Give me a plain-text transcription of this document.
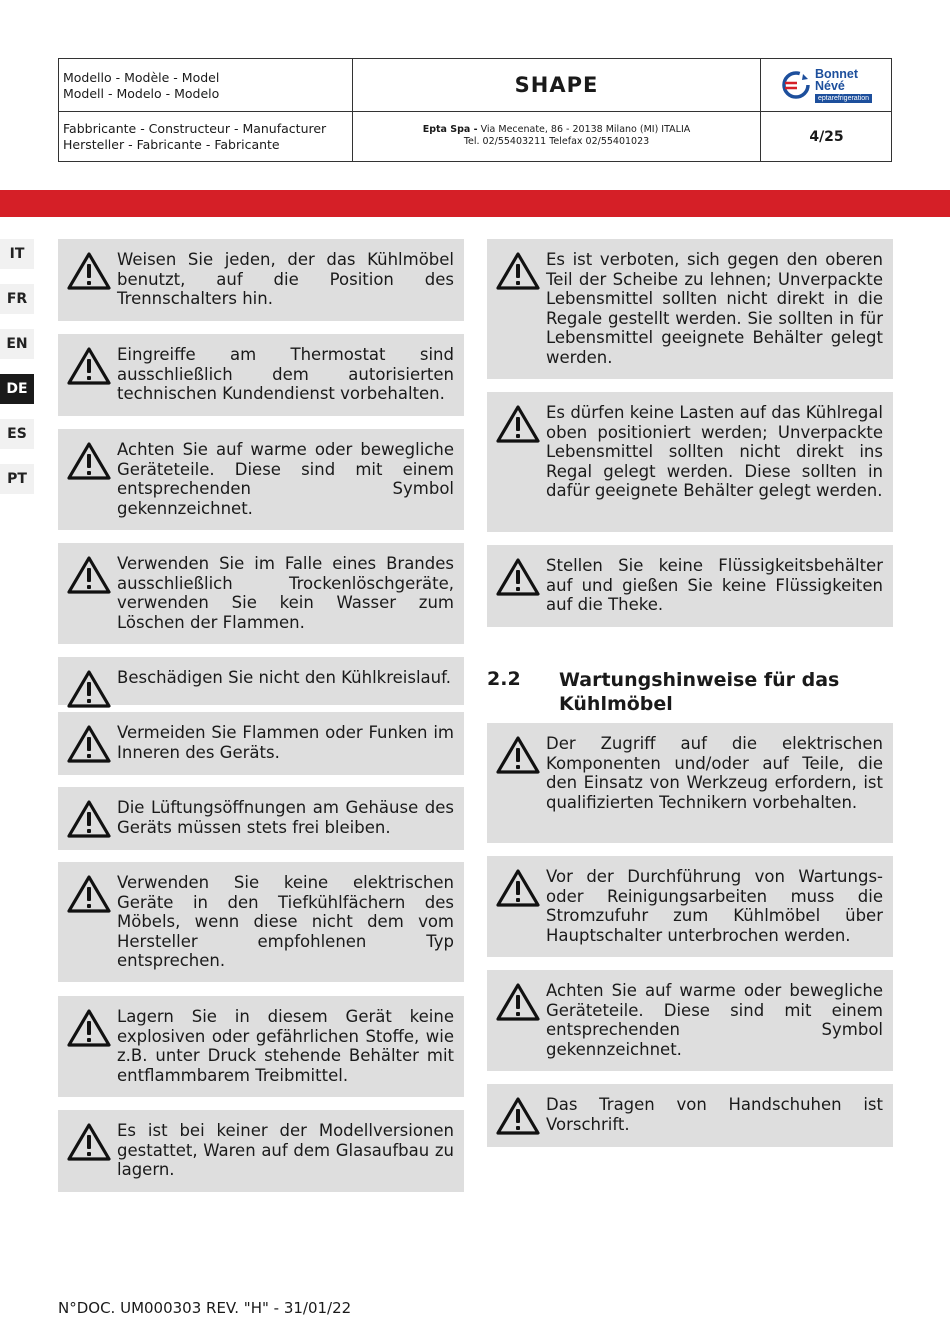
Modello - Modèle - Model
Modell - Modelo - Modelo	SHAPE	Bonnet
Névé
eptarefrigeration
Fabbricante - Constructeur - Manufacturer
Hersteller - Fabricante - Fabricante
Epta Spa - Via Mecenate, 86 - 20138 Milano (MI) ITALIA
Tel. 02/55403211 Telefax 02/55401023	4/25
IT
FR
EN
DE
ES
PT
Weisen Sie jeden, der das Kühlmöbel benutzt, auf die Position des Trennschalters hin.
Eingreiffe am Thermostat sind ausschließlich dem autorisierten technischen Kundendienst vorbehalten.
Achten Sie auf warme oder bewegliche Geräteteile. Diese sind mit einem entsprechenden Symbol gekennzeichnet.
Verwenden Sie im Falle eines Brandes ausschließlich Trockenlöschgeräte, verwenden Sie kein Wasser zum Löschen der Flammen.
Beschädigen Sie nicht den Kühlkreislauf.
Vermeiden Sie Flammen oder Funken im Inneren des Geräts.
Die Lüftungsöffnungen am Gehäuse des Geräts müssen stets frei bleiben.
Verwenden Sie keine elektrischen Geräte in den Tiefkühlfächern des Möbels, wenn diese nicht dem vom Hersteller empfohlenen Typ entsprechen.
Lagern Sie in diesem Gerät keine explosiven oder gefährlichen Stoffe, wie z.B. unter Druck stehende Behälter mit entflammbarem Treibmittel.
Es ist bei keiner der Modellversionen gestattet, Waren auf dem Glasaufbau zu lagern.
Es ist verboten, sich gegen den oberen Teil der Scheibe zu lehnen; Unverpackte Lebensmittel sollten nicht direkt in die Regale gestellt werden. Sie sollten in für Lebensmittel geeignete Behälter gelegt werden.
Es dürfen keine Lasten auf das Kühlregal oben positioniert werden; Unverpackte Lebensmittel sollten nicht direkt ins Regal gelegt werden. Diese sollten in dafür geeignete Behälter gelegt werden.
Stellen Sie keine Flüssigkeitsbehälter auf und gießen Sie keine Flüssigkeiten auf die Theke.
Der Zugriff auf die elektrischen Komponenten und/oder auf Teile, die den Einsatz von Werkzeug erfordern, ist qualifizierten Technikern vorbehalten.
Vor der Durchführung von Wartungs- oder Reinigungsarbeiten muss die Stromzufuhr zum Kühlmöbel über Hauptschalter unterbrochen werden.
Achten Sie auf warme oder bewegliche Geräteteile. Diese sind mit einem entsprechenden Symbol gekennzeichnet.
Das Tragen von Handschuhen ist Vorschrift.
2.2 Wartungshinweise für das Kühlmöbel
N°DOC. UM000303 REV. "H" - 31/01/22
